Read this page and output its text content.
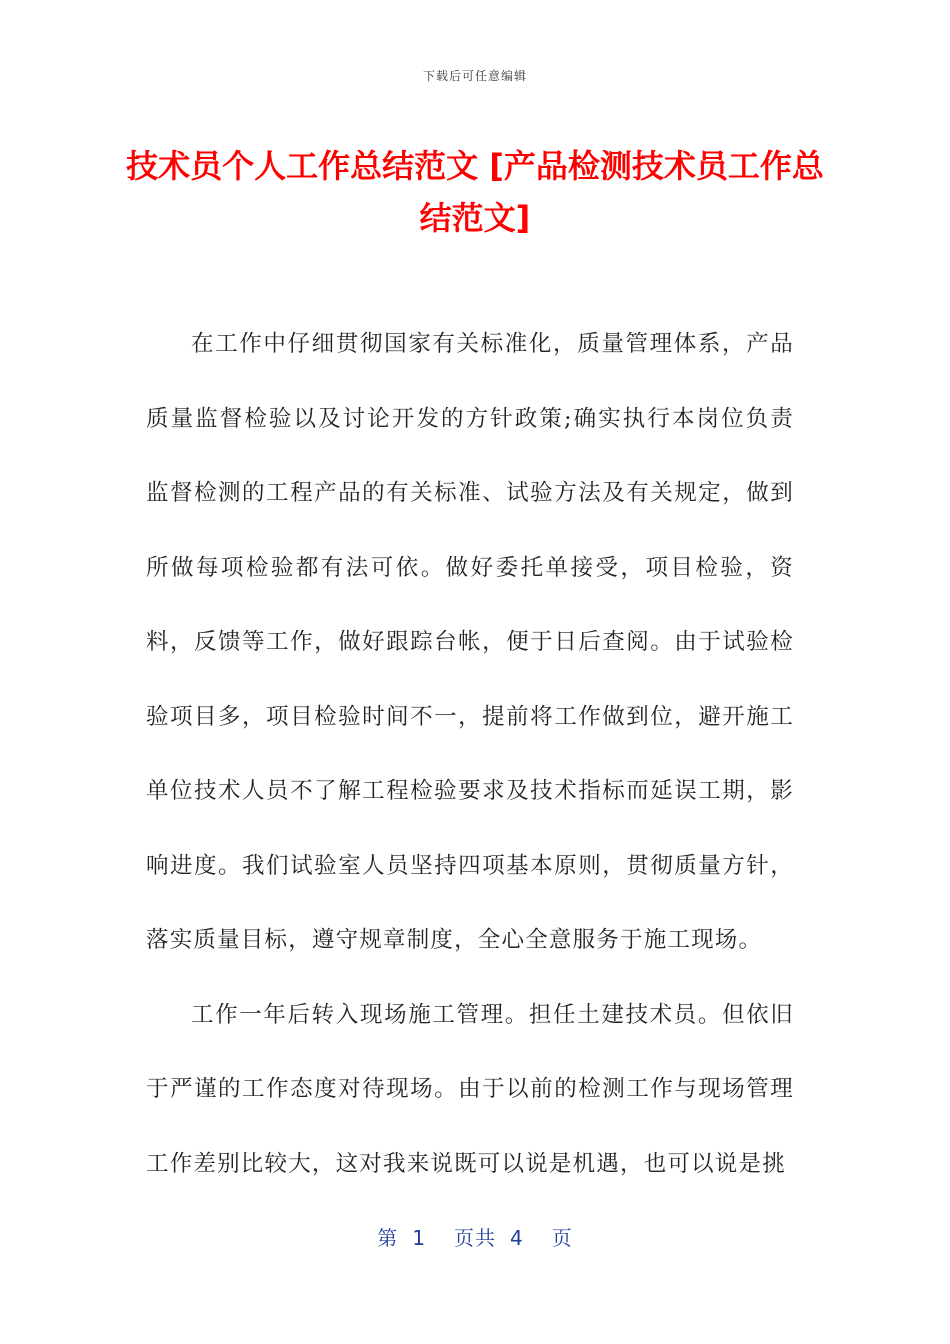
下载后可任意编辑
技术员个人工作总结范文 [产品检测技术员工作总结范文]

在工作中仔细贯彻国家有关标准化，质量管理体系，产品质量监督检验以及讨论开发的方针政策;确实执行本岗位负责监督检测的工程产品的有关标准、试验方法及有关规定，做到所做每项检验都有法可依。做好委托单接受，项目检验，资料，反馈等工作，做好跟踪台帐，便于日后查阅。由于试验检验项目多，项目检验时间不一，提前将工作做到位，避开施工单位技术人员不了解工程检验要求及技术指标而延误工期，影响进度。我们试验室人员坚持四项基本原则，贯彻质量方针，落实质量目标，遵守规章制度，全心全意服务于施工现场。

工作一年后转入现场施工管理。担任土建技术员。但依旧于严谨的工作态度对待现场。由于以前的检测工作与现场管理工作差别比较大，这对我来说既可以说是机遇，也可以说是挑

第 1 页共 4 页
